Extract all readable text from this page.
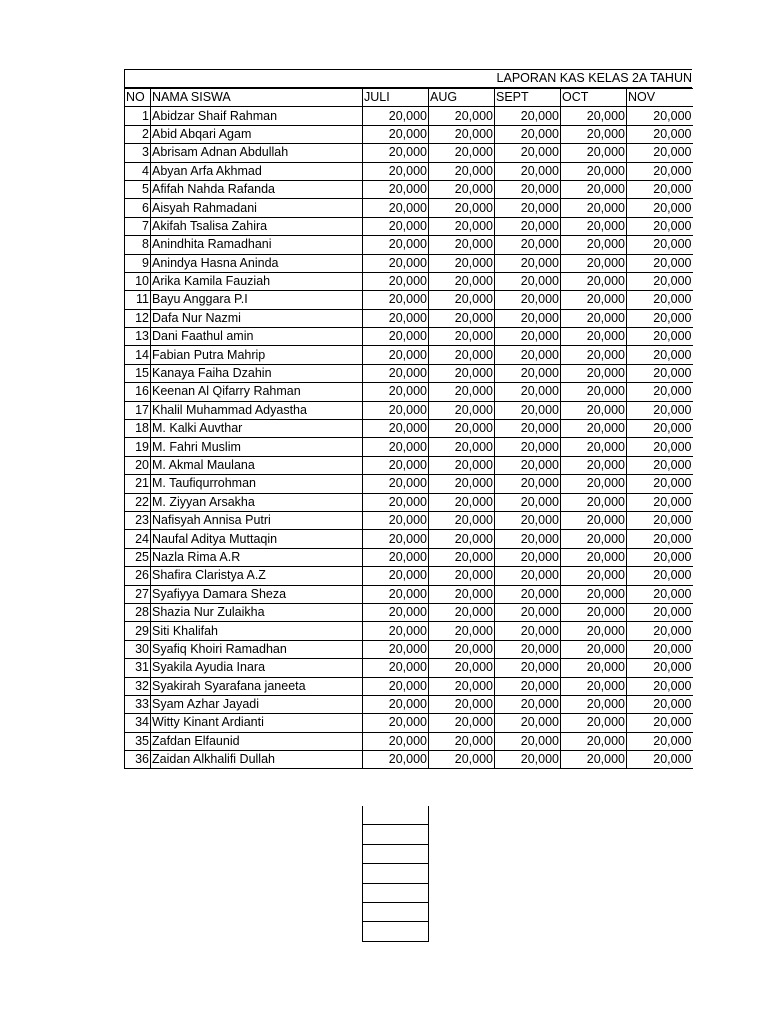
LAPORAN KAS KELAS 2A TAHUN
NO	NAMA SISWA	JULI	AUG	SEPT	OCT	NOV
1	Abidzar Shaif Rahman	20,000	20,000	20,000	20,000	20,000
2	Abid Abqari Agam	20,000	20,000	20,000	20,000	20,000
3	Abrisam Adnan Abdullah	20,000	20,000	20,000	20,000	20,000
4	Abyan Arfa Akhmad	20,000	20,000	20,000	20,000	20,000
5	Afifah Nahda Rafanda	20,000	20,000	20,000	20,000	20,000
6	Aisyah Rahmadani	20,000	20,000	20,000	20,000	20,000
7	Akifah Tsalisa Zahira	20,000	20,000	20,000	20,000	20,000
8	Anindhita Ramadhani	20,000	20,000	20,000	20,000	20,000
9	Anindya Hasna Aninda	20,000	20,000	20,000	20,000	20,000
10	Arika Kamila Fauziah	20,000	20,000	20,000	20,000	20,000
11	Bayu Anggara P.I	20,000	20,000	20,000	20,000	20,000
12	Dafa Nur Nazmi	20,000	20,000	20,000	20,000	20,000
13	Dani Faathul amin	20,000	20,000	20,000	20,000	20,000
14	Fabian Putra Mahrip	20,000	20,000	20,000	20,000	20,000
15	Kanaya Faiha Dzahin	20,000	20,000	20,000	20,000	20,000
16	Keenan Al Qifarry Rahman	20,000	20,000	20,000	20,000	20,000
17	Khalil Muhammad Adyastha	20,000	20,000	20,000	20,000	20,000
18	M. Kalki Auvthar	20,000	20,000	20,000	20,000	20,000
19	M. Fahri Muslim	20,000	20,000	20,000	20,000	20,000
20	M. Akmal Maulana	20,000	20,000	20,000	20,000	20,000
21	M. Taufiqurrohman	20,000	20,000	20,000	20,000	20,000
22	M. Ziyyan Arsakha	20,000	20,000	20,000	20,000	20,000
23	Nafisyah Annisa Putri	20,000	20,000	20,000	20,000	20,000
24	Naufal Aditya Muttaqin	20,000	20,000	20,000	20,000	20,000
25	Nazla Rima A.R	20,000	20,000	20,000	20,000	20,000
26	Shafira Claristya A.Z	20,000	20,000	20,000	20,000	20,000
27	Syafiyya Damara Sheza	20,000	20,000	20,000	20,000	20,000
28	Shazia Nur Zulaikha	20,000	20,000	20,000	20,000	20,000
29	Siti Khalifah	20,000	20,000	20,000	20,000	20,000
30	Syafiq Khoiri Ramadhan	20,000	20,000	20,000	20,000	20,000
31	Syakila Ayudia Inara	20,000	20,000	20,000	20,000	20,000
32	Syakirah Syarafana janeeta	20,000	20,000	20,000	20,000	20,000
33	Syam Azhar Jayadi	20,000	20,000	20,000	20,000	20,000
34	Witty Kinant Ardianti	20,000	20,000	20,000	20,000	20,000
35	Zafdan Elfaunid	20,000	20,000	20,000	20,000	20,000
36	Zaidan Alkhalifi Dullah	20,000	20,000	20,000	20,000	20,000
